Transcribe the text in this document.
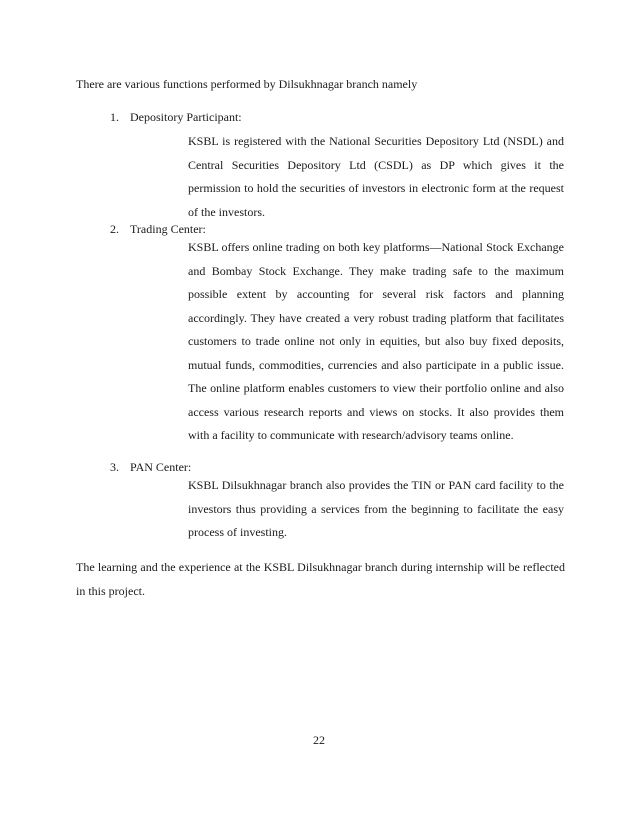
There are various functions performed by Dilsukhnagar branch namely

1. Depository Participant:

KSBL is registered with the National Securities Depository Ltd (NSDL) and Central Securities Depository Ltd (CSDL) as DP which gives it the permission to hold the securities of investors in electronic form at the request of the investors.

2. Trading Center:

KSBL offers online trading on both key platforms—National Stock Exchange and Bombay Stock Exchange. They make trading safe to the maximum possible extent by accounting for several risk factors and planning accordingly. They have created a very robust trading platform that facilitates customers to trade online not only in equities, but also buy fixed deposits, mutual funds, commodities, currencies and also participate in a public issue. The online platform enables customers to view their portfolio online and also access various research reports and views on stocks. It also provides them with a facility to communicate with research/advisory teams online.

3. PAN Center:

KSBL Dilsukhnagar branch also provides the TIN or PAN card facility to the investors thus providing a services from the beginning to facilitate the easy process of investing.

The learning and the experience at the KSBL Dilsukhnagar branch during internship will be reflected in this project.

22
